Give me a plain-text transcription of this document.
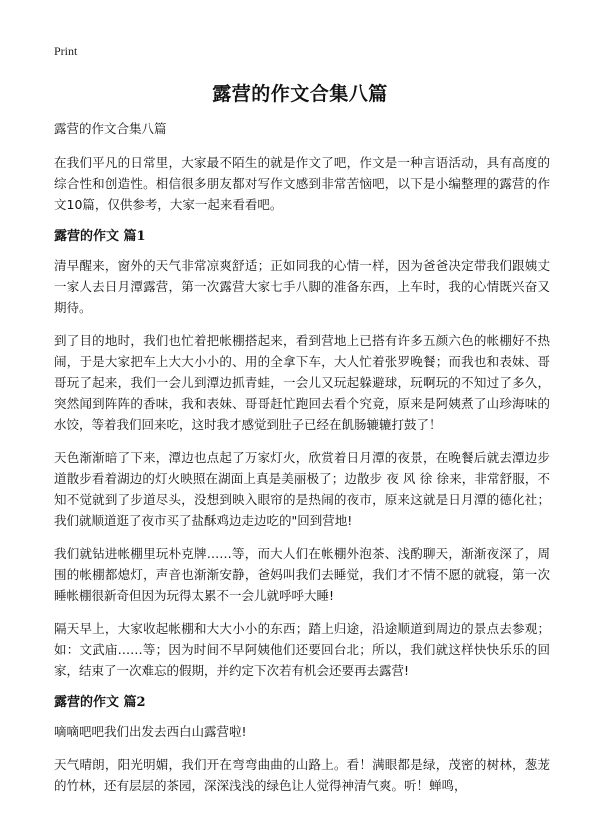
Print
露营的作文合集八篇

露营的作文合集八篇

在我们平凡的日常里，大家最不陌生的就是作文了吧，作文是一种言语活动，具有高度的综合性和创造性。相信很多朋友都对写作文感到非常苦恼吧，以下是小编整理的露营的作文10篇，仅供参考，大家一起来看看吧。

露营的作文 篇1

清早醒来，窗外的天气非常凉爽舒适；正如同我的心情一样，因为爸爸决定带我们跟姨丈一家人去日月潭露营，第一次露营大家七手八脚的准备东西，上车时，我的心情既兴奋又期待。

到了目的地时，我们也忙着把帐棚搭起来，看到营地上已搭有许多五颜六色的帐棚好不热闹，于是大家把车上大大小小的、用的全拿下车，大人忙着张罗晚餐；而我也和表妹、哥哥玩了起来，我们一会儿到潭边抓青蛙，一会儿又玩起躲避球，玩啊玩的不知过了多久，突然闻到阵阵的香味，我和表妹、哥哥赶忙跑回去看个究竟，原来是阿姨煮了山珍海味的水饺，等着我们回来吃，这时我才感觉到肚子已经在飢肠辘辘打鼓了！

天色渐渐暗了下来，潭边也点起了万家灯火，欣赏着日月潭的夜景，在晚餐后就去潭边步道散步看着湖边的灯火映照在湖面上真是美丽极了；边散步 夜 风 徐 徐来，非常舒服，不知不觉就到了步道尽头，没想到映入眼帘的是热闹的夜市，原来这就是日月潭的德化社；我们就顺道逛了夜市买了盐酥鸡边走边吃的"回到营地!

我们就钻进帐棚里玩朴克牌……等，而大人们在帐棚外泡茶、浅酌聊天，渐渐夜深了，周围的帐棚都熄灯，声音也渐渐安静，爸妈叫我们去睡觉，我们才不情不愿的就寝，第一次睡帐棚很新奇但因为玩得太累不一会儿就呼呼大睡!

隔天早上，大家收起帐棚和大大小小的东西；踏上归途，沿途顺道到周边的景点去参观；如：文武庙……等；因为时间不早阿姨他们还要回台北；所以，我们就这样快快乐乐的回家，结束了一次难忘的假期，并约定下次若有机会还要再去露营!

露营的作文 篇2

嘀嘀吧吧我们出发去西白山露营啦!

天气晴朗，阳光明媚，我们开在弯弯曲曲的山路上。看！满眼都是绿，茂密的树林，葱茏的竹林，还有层层的茶园，深深浅浅的绿色让人觉得神清气爽。听！蝉鸣，
